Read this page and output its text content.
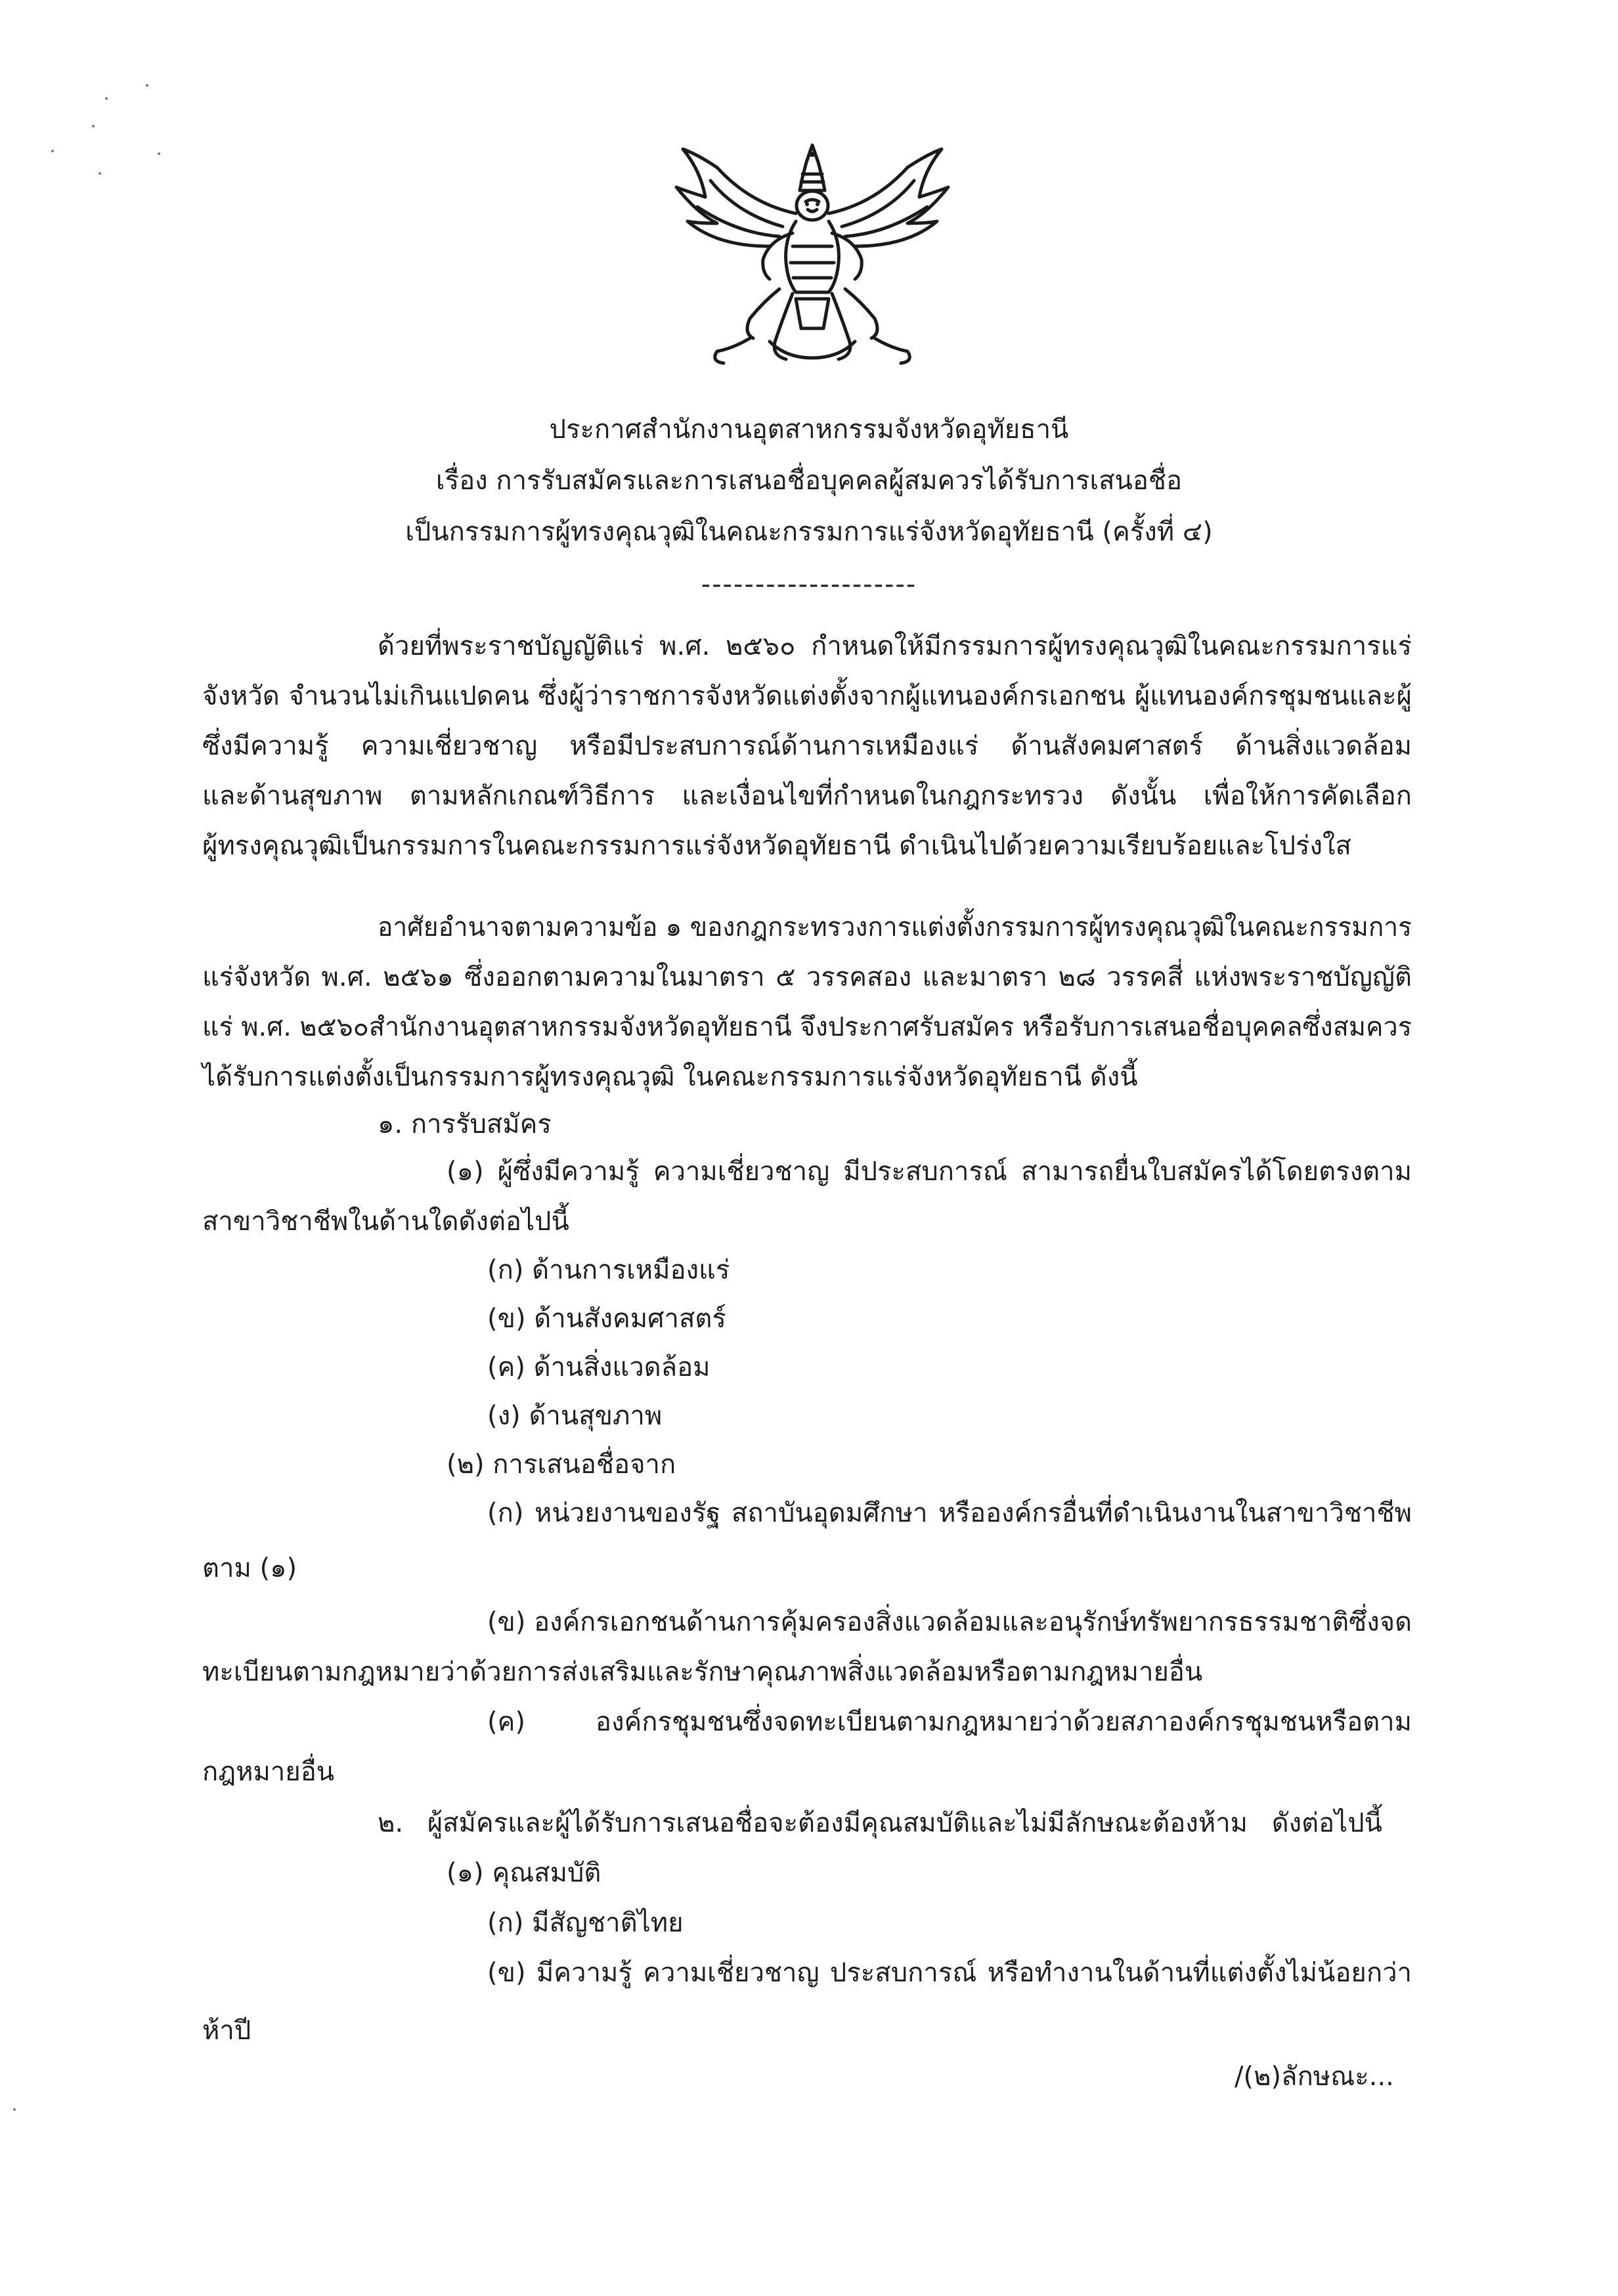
ประกาศสำนักงานอุตสาหกรรมจังหวัดอุทัยธานี
เรื่อง การรับสมัครและการเสนอชื่อบุคคลผู้สมควรได้รับการเสนอชื่อ
เป็นกรรมการผู้ทรงคุณวุฒิในคณะกรรมการแร่จังหวัดอุทัยธานี (ครั้งที่ ๔)
--------------------
ด้วยที่พระราชบัญญัติแร่ พ.ศ. ๒๕๖๐ กำหนดให้มีกรรมการผู้ทรงคุณวุฒิในคณะกรรมการแร่
จังหวัด จำนวนไม่เกินแปดคน ซึ่งผู้ว่าราชการจังหวัดแต่งตั้งจากผู้แทนองค์กรเอกชน ผู้แทนองค์กรชุมชนและผู้
ซึ่งมีความรู้ ความเชี่ยวชาญ หรือมีประสบการณ์ด้านการเหมืองแร่ ด้านสังคมศาสตร์ ด้านสิ่งแวดล้อม
และด้านสุขภาพ ตามหลักเกณฑ์วิธีการ และเงื่อนไขที่กำหนดในกฎกระทรวง ดังนั้น เพื่อให้การคัดเลือก
ผู้ทรงคุณวุฒิเป็นกรรมการในคณะกรรมการแร่จังหวัดอุทัยธานี ดำเนินไปด้วยความเรียบร้อยและโปร่งใส
อาศัยอำนาจตามความข้อ ๑ ของกฎกระทรวงการแต่งตั้งกรรมการผู้ทรงคุณวุฒิในคณะกรรมการ
แร่จังหวัด พ.ศ. ๒๕๖๑ ซึ่งออกตามความในมาตรา ๕ วรรคสอง และมาตรา ๒๘ วรรคสี่ แห่งพระราชบัญญัติ
แร่ พ.ศ. ๒๕๖๐สำนักงานอุตสาหกรรมจังหวัดอุทัยธานี จึงประกาศรับสมัคร หรือรับการเสนอชื่อบุคคลซึ่งสมควร
ได้รับการแต่งตั้งเป็นกรรมการผู้ทรงคุณวุฒิ ในคณะกรรมการแร่จังหวัดอุทัยธานี ดังนี้
๑. การรับสมัคร
(๑) ผู้ซึ่งมีความรู้ ความเชี่ยวชาญ มีประสบการณ์ สามารถยื่นใบสมัครได้โดยตรงตาม
สาขาวิชาชีพในด้านใดดังต่อไปนี้
(ก) ด้านการเหมืองแร่
(ข) ด้านสังคมศาสตร์
(ค) ด้านสิ่งแวดล้อม
(ง) ด้านสุขภาพ
(๒) การเสนอชื่อจาก
(ก) หน่วยงานของรัฐ สถาบันอุดมศึกษา หรือองค์กรอื่นที่ดำเนินงานในสาขาวิชาชีพ
ตาม (๑)
(ข) องค์กรเอกชนด้านการคุ้มครองสิ่งแวดล้อมและอนุรักษ์ทรัพยากรธรรมชาติซึ่งจด
ทะเบียนตามกฎหมายว่าด้วยการส่งเสริมและรักษาคุณภาพสิ่งแวดล้อมหรือตามกฎหมายอื่น
(ค) องค์กรชุมชนซึ่งจดทะเบียนตามกฎหมายว่าด้วยสภาองค์กรชุมชนหรือตาม
กฎหมายอื่น
๒. ผู้สมัครและผู้ได้รับการเสนอชื่อจะต้องมีคุณสมบัติและไม่มีลักษณะต้องห้าม ดังต่อไปนี้
(๑) คุณสมบัติ
(ก) มีสัญชาติไทย
(ข) มีความรู้ ความเชี่ยวชาญ ประสบการณ์ หรือทำงานในด้านที่แต่งตั้งไม่น้อยกว่า
ห้าปี
/(๒)ลักษณะ...
